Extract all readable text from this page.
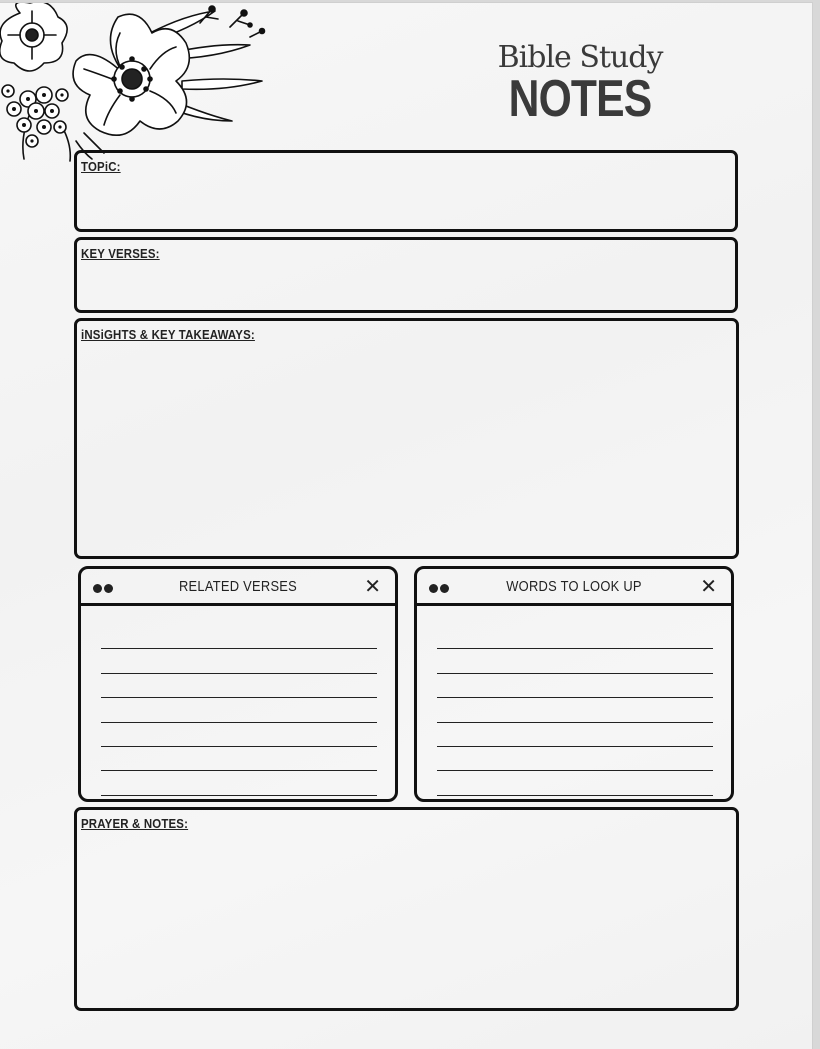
Bible Study
NOTES
TOPiC:
KEY VERSES:
iNSiGHTS & KEY TAKEAWAYS:
RELATED VERSES	✕	WORDS TO LOOK UP	✕
PRAYER & NOTES:
